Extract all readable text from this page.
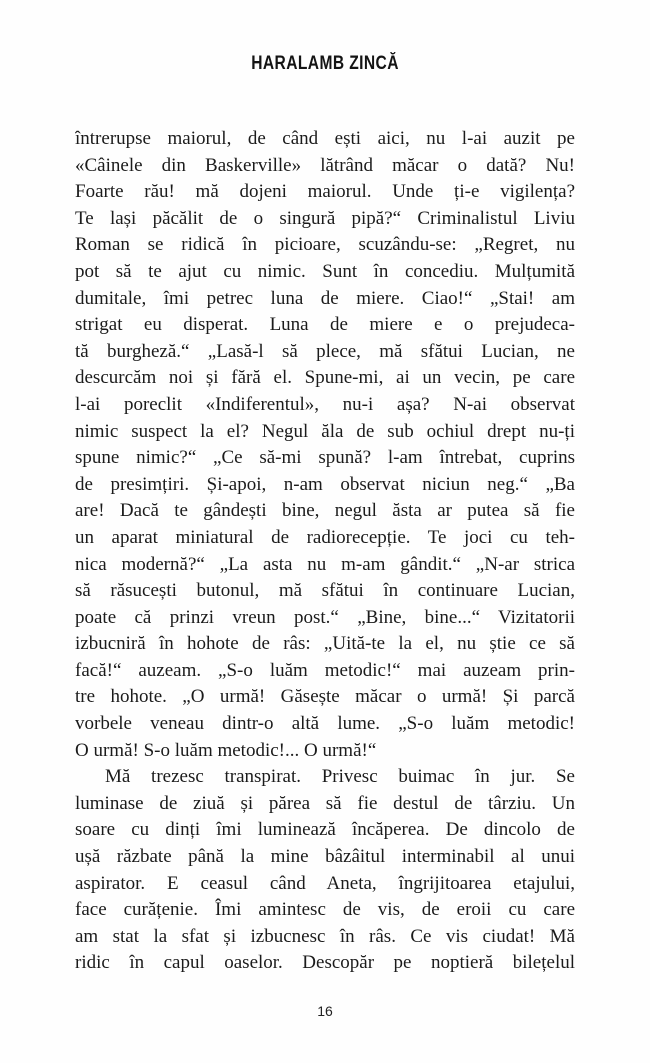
HARALAMB ZINCĂ
întrerupse maiorul, de când ești aici, nu l-ai auzit pe
«Câinele din Baskerville» lătrând măcar o dată? Nu!
Foarte rău! mă dojeni maiorul. Unde ți-e vigilența?
Te lași păcălit de o singură pipă?“ Criminalistul Liviu
Roman se ridică în picioare, scuzându-se: „Regret, nu
pot să te ajut cu nimic. Sunt în concediu. Mulțumită
dumitale, îmi petrec luna de miere. Ciao!“ „Stai! am
strigat eu disperat. Luna de miere e o prejudeca-
tă burgheză.“ „Lasă-l să plece, mă sfătui Lucian, ne
descurcăm noi și fără el. Spune-mi, ai un vecin, pe care
l-ai poreclit «Indiferentul», nu-i așa? N-ai observat
nimic suspect la el? Negul ăla de sub ochiul drept nu-ți
spune nimic?“ „Ce să-mi spună? l-am întrebat, cuprins
de presimțiri. Și-apoi, n-am observat niciun neg.“ „Ba
are! Dacă te gândești bine, negul ăsta ar putea să fie
un aparat miniatural de radiorecepție. Te joci cu teh-
nica modernă?“ „La asta nu m-am gândit.“ „N-ar strica
să răsucești butonul, mă sfătui în continuare Lucian,
poate că prinzi vreun post.“ „Bine, bine...“ Vizitatorii
izbucniră în hohote de râs: „Uită-te la el, nu știe ce să
facă!“ auzeam. „S-o luăm metodic!“ mai auzeam prin-
tre hohote. „O urmă! Găsește măcar o urmă! Și parcă
vorbele veneau dintr-o altă lume. „S-o luăm metodic!
O urmă! S-o luăm metodic!... O urmă!“
Mă trezesc transpirat. Privesc buimac în jur. Se
luminase de ziuă și părea să fie destul de târziu. Un
soare cu dinți îmi luminează încăperea. De dincolo de
ușă răzbate până la mine bâzâitul interminabil al unui
aspirator. E ceasul când Aneta, îngrijitoarea etajului,
face curățenie. Îmi amintesc de vis, de eroii cu care
am stat la sfat și izbucnesc în râs. Ce vis ciudat! Mă
ridic în capul oaselor. Descopăr pe noptieră bilețelul
16
